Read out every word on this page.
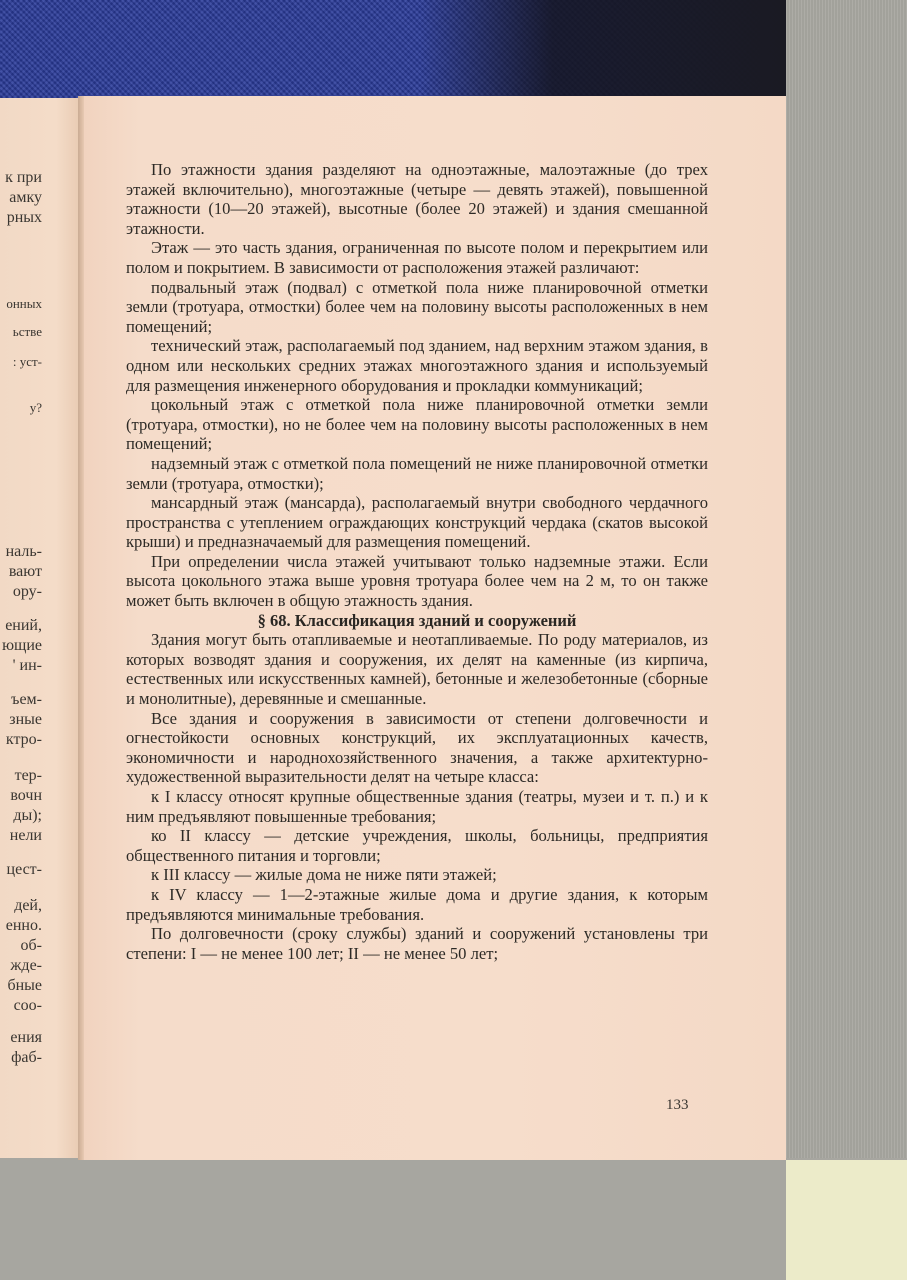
к при
амку
рных
онных
ьстве
: уст-
у?
наль-
вают
ору-
ений,
ющие
' ин-
ъем-
зные
ктро-
тер-
вочн
ды);
нели
цест-
дей,
енно.
об-
жде-
бные
соо-
ения
фаб-

По этажности здания разделяют на одноэтажные, малоэтажные (до трех этажей включительно), многоэтажные (четыре — девять этажей), повышенной этажности (10—20 этажей), высотные (более 20 этажей) и здания смешанной этажности.

Этаж — это часть здания, ограниченная по высоте полом и перекрытием или полом и покрытием. В зависимости от расположения этажей различают:

подвальный этаж (подвал) с отметкой пола ниже планировочной отметки земли (тротуара, отмостки) более чем на половину высоты расположенных в нем помещений;

технический этаж, располагаемый под зданием, над верхним этажом здания, в одном или нескольких средних этажах многоэтажного здания и используемый для размещения инженерного оборудования и прокладки коммуникаций;

цокольный этаж с отметкой пола ниже планировочной отметки земли (тротуара, отмостки), но не более чем на половину высоты расположенных в нем помещений;

надземный этаж с отметкой пола помещений не ниже планировочной отметки земли (тротуара, отмостки);

мансардный этаж (мансарда), располагаемый внутри свободного чердачного пространства с утеплением ограждающих конструкций чердака (скатов высокой крыши) и предназначаемый для размещения помещений.

При определении числа этажей учитывают только надземные этажи. Если высота цокольного этажа выше уровня тротуара более чем на 2 м, то он также может быть включен в общую этажность здания.

§ 68. Классификация зданий и сооружений

Здания могут быть отапливаемые и неотапливаемые. По роду материалов, из которых возводят здания и сооружения, их делят на каменные (из кирпича, естественных или искусственных камней), бетонные и железобетонные (сборные и монолитные), деревянные и смешанные.

Все здания и сооружения в зависимости от степени долговечности и огнестойкости основных конструкций, их эксплуатационных качеств, экономичности и народнохозяйственного значения, а также архитектурно-художественной выразительности делят на четыре класса:

к I классу относят крупные общественные здания (театры, музеи и т. п.) и к ним предъявляют повышенные требования;

ко II классу — детские учреждения, школы, больницы, предприятия общественного питания и торговли;

к III классу — жилые дома не ниже пяти этажей;

к IV классу — 1—2-этажные жилые дома и другие здания, к которым предъявляются минимальные требования.

По долговечности (сроку службы) зданий и сооружений установлены три степени: I — не менее 100 лет; II — не менее 50 лет;

133
